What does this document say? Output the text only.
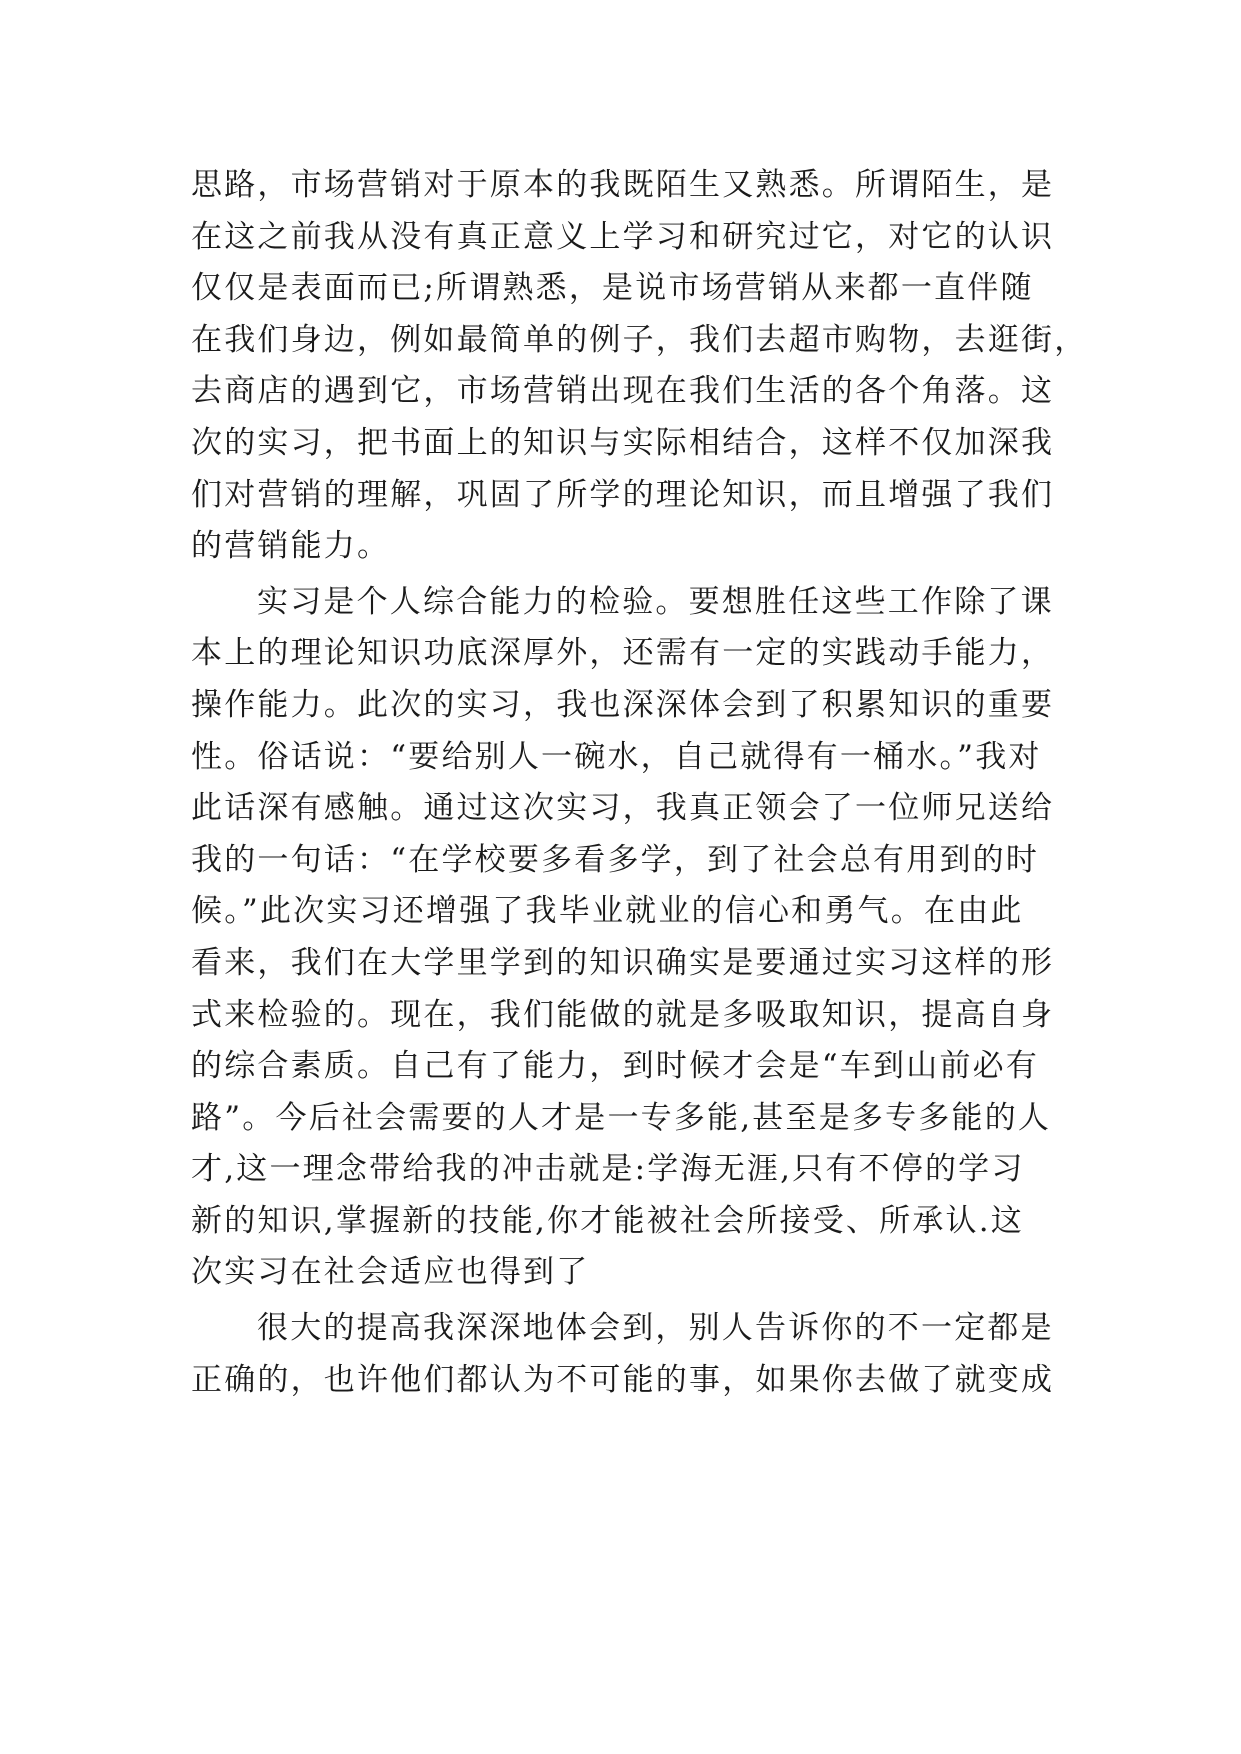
思路，市场营销对于原本的我既陌生又熟悉。所谓陌生，是
在这之前我从没有真正意义上学习和研究过它，对它的认识
仅仅是表面而已;所谓熟悉，是说市场营销从来都一直伴随
在我们身边，例如最简单的例子，我们去超市购物，去逛街，
去商店的遇到它，市场营销出现在我们生活的各个角落。这
次的实习，把书面上的知识与实际相结合，这样不仅加深我
们对营销的理解，巩固了所学的理论知识，而且增强了我们
的营销能力。
实习是个人综合能力的检验。要想胜任这些工作除了课
本上的理论知识功底深厚外，还需有一定的实践动手能力，
操作能力。此次的实习，我也深深体会到了积累知识的重要
性。俗话说：“要给别人一碗水，自己就得有一桶水。”我对
此话深有感触。通过这次实习，我真正领会了一位师兄送给
我的一句话：“在学校要多看多学，到了社会总有用到的时
候。”此次实习还增强了我毕业就业的信心和勇气。在由此
看来，我们在大学里学到的知识确实是要通过实习这样的形
式来检验的。现在，我们能做的就是多吸取知识，提高自身
的综合素质。自己有了能力，到时候才会是“车到山前必有
路”。今后社会需要的人才是一专多能,甚至是多专多能的人
才,这一理念带给我的冲击就是:学海无涯,只有不停的学习
新的知识,掌握新的技能,你才能被社会所接受、所承认.这
次实习在社会适应也得到了
很大的提高我深深地体会到，别人告诉你的不一定都是
正确的，也许他们都认为不可能的事，如果你去做了就变成
